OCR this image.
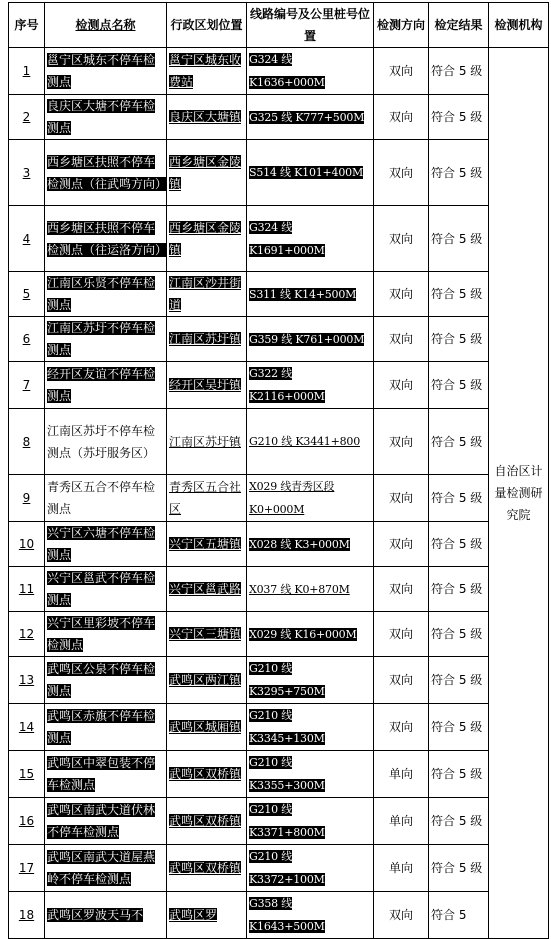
序号	检测点名称	行政区划位置	线路编号及公里桩号位置	检测方向	检定结果	检测机构
1	邕宁区城东不停车检测点	邕宁区城东收费站	G324 线 K1636+000M	双向	符合 5 级	自治区计量检测研究院
2	良庆区大塘不停车检测点	良庆区大塘镇	G325 线 K777+500M	双向	符合 5 级	
3	西乡塘区扶照不停车检测点（往武鸣方向）	西乡塘区金陵镇	S514 线 K101+400M	双向	符合 5 级	
4	西乡塘区扶照不停车检测点（往运洛方向）	西乡塘区金陵镇	G324 线 K1691+000M	双向	符合 5 级	
5	江南区乐贤不停车检测点	江南区沙井街道	S311 线 K14+500M	双向	符合 5 级	
6	江南区苏圩不停车检测点	江南区苏圩镇	G359 线 K761+000M	双向	符合 5 级	
7	经开区友谊不停车检测点	经开区吴圩镇	G322 线 K2116+000M	双向	符合 5 级	
8	江南区苏圩不停车检测点（苏圩服务区）	江南区苏圩镇	G210 线 K3441+800	双向	符合 5 级	
9	青秀区五合不停车检测点	青秀区五合社区	X029 线青秀区段 K0+000M	双向	符合 5 级	
10	兴宁区六塘不停车检测点	兴宁区五塘镇	X028 线 K3+000M	双向	符合 5 级	
11	兴宁区邕武不停车检测点	兴宁区邕武路	X037 线 K0+870M	双向	符合 5 级	
12	兴宁区里彩坡不停车检测点	兴宁区三塘镇	X029 线 K16+000M	双向	符合 5 级	
13	武鸣区公泉不停车检测点	武鸣区两江镇	G210 线 K3295+750M	双向	符合 5 级	
14	武鸣区赤旗不停车检测点	武鸣区城厢镇	G210 线 K3345+130M	双向	符合 5 级	
15	武鸣区中翠包装不停车检测点	武鸣区双桥镇	G210 线 K3355+300M	单向	符合 5 级	
16	武鸣区南武大道伏林不停车检测点	武鸣区双桥镇	G210 线 K3371+800M	单向	符合 5 级	
17	武鸣区南武大道屋燕岭不停车检测点	武鸣区双桥镇	G210 线 K3372+100M	单向	符合 5 级	
18	武鸣区罗波天马不	武鸣区罗	G358 线 K1643+500M	双向	符合 5	
